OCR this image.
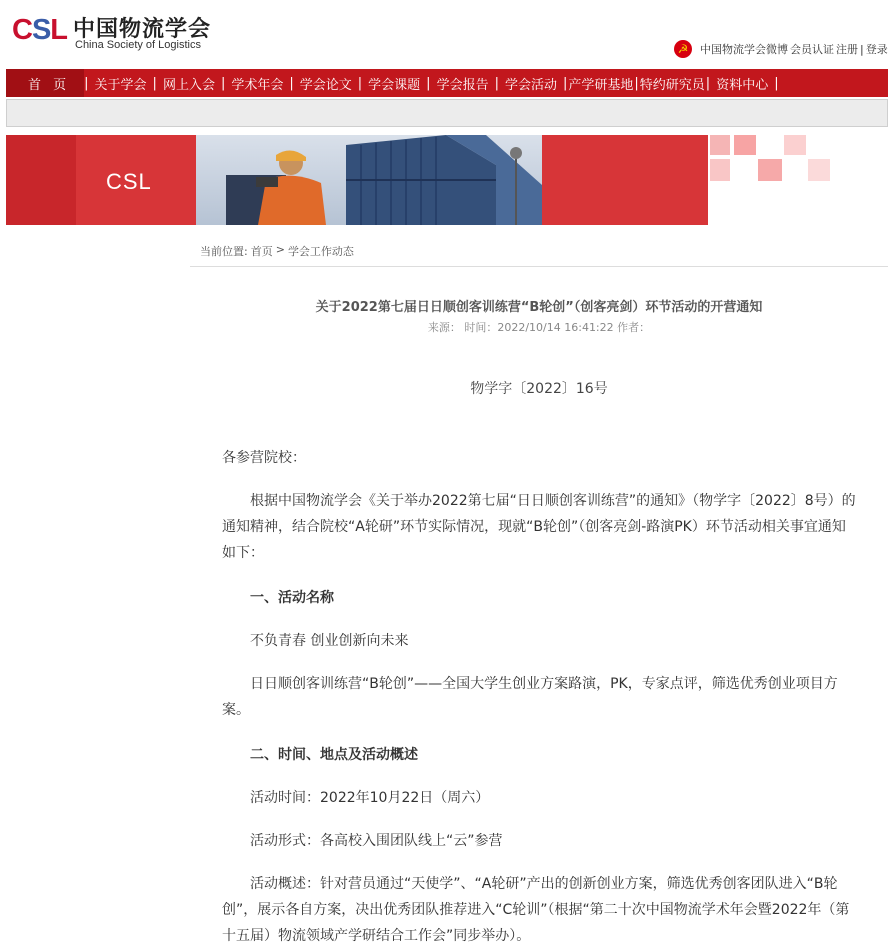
CSL 中国物流学会
China Society of Logistics	☭	中国物流学会微博 会员认证 注册 | 登录
首 页	| 关于学会 | 网上入会 | 学术年会 | 学会论文 | 学会课题 | 学会报告 | 学会活动 | 产学研基地 | 特约研究员 | 资料中心 |
CSL
当前位置: 首页 > 学会工作动态
关于2022第七届日日顺创客训练营“B轮创”（创客亮剑）环节活动的开营通知
来源： 时间：2022/10/14 16:41:22 作者：
物学字〔2022〕16号
各参营院校：
　　根据中国物流学会《关于举办2022第七届“日日顺创客训练营”的通知》（物学字〔2022〕8号）的通知精神，结合院校“A轮研”环节实际情况，现就“B轮创”（创客亮剑-路演PK）环节活动相关事宜通知如下：
　　一、活动名称
　　不负青春 创业创新向未来
　　日日顺创客训练营“B轮创”——全国大学生创业方案路演，PK，专家点评，筛选优秀创业项目方案。
　　二、时间、地点及活动概述
　　活动时间：2022年10月22日（周六）
　　活动形式：各高校入围团队线上“云”参营
　　活动概述：针对营员通过“天使学”、“A轮研”产出的创新创业方案，筛选优秀创客团队进入“B轮创”，展示各自方案，决出优秀团队推荐进入“C轮训”（根据“第二十次中国物流学术年会暨2022年（第十五届）物流领域产学研结合工作会”同步举办）。
